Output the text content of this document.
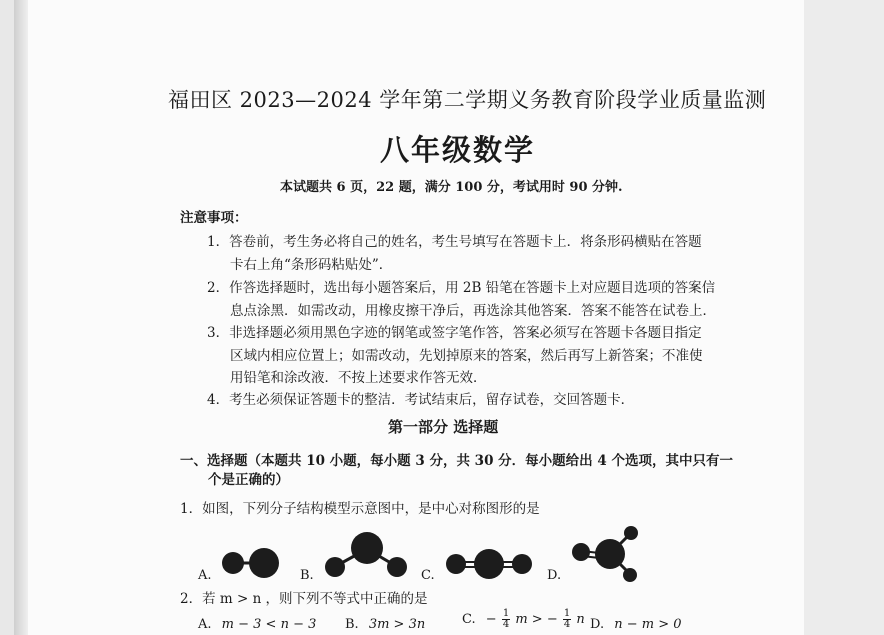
福田区 2023—2024 学年第二学期义务教育阶段学业质量监测
八年级数学
本试题共 6 页，22 题，满分 100 分，考试用时 90 分钟.
注意事项：
1．答卷前，考生务必将自己的姓名，考生号填写在答题卡上．将条形码横贴在答题
卡右上角“条形码粘贴处”．
2．作答选择题时，选出每小题答案后，用 2B 铅笔在答题卡上对应题目选项的答案信
息点涂黑．如需改动，用橡皮擦干净后，再选涂其他答案．答案不能答在试卷上．
3．非选择题必须用黑色字迹的钢笔或签字笔作答，答案必须写在答题卡各题目指定
区域内相应位置上；如需改动，先划掉原来的答案，然后再写上新答案；不准使
用铅笔和涂改液．不按上述要求作答无效．
4．考生必须保证答题卡的整洁．考试结束后，留存试卷，交回答题卡．
第一部分 选择题
一、选择题（本题共 10 小题，每小题 3 分，共 30 分．每小题给出 4 个选项，其中只有一
个是正确的）
1．如图，下列分子结构模型示意图中，是中心对称图形的是
A.	B.	C.	D.
2．若 m > n ，则下列不等式中正确的是
A. m − 3 < n − 3 B. 3m > 3n	C. − $\frac{1}{4}$ m > − $\frac{1}{4}$ n D. n − m > 0
